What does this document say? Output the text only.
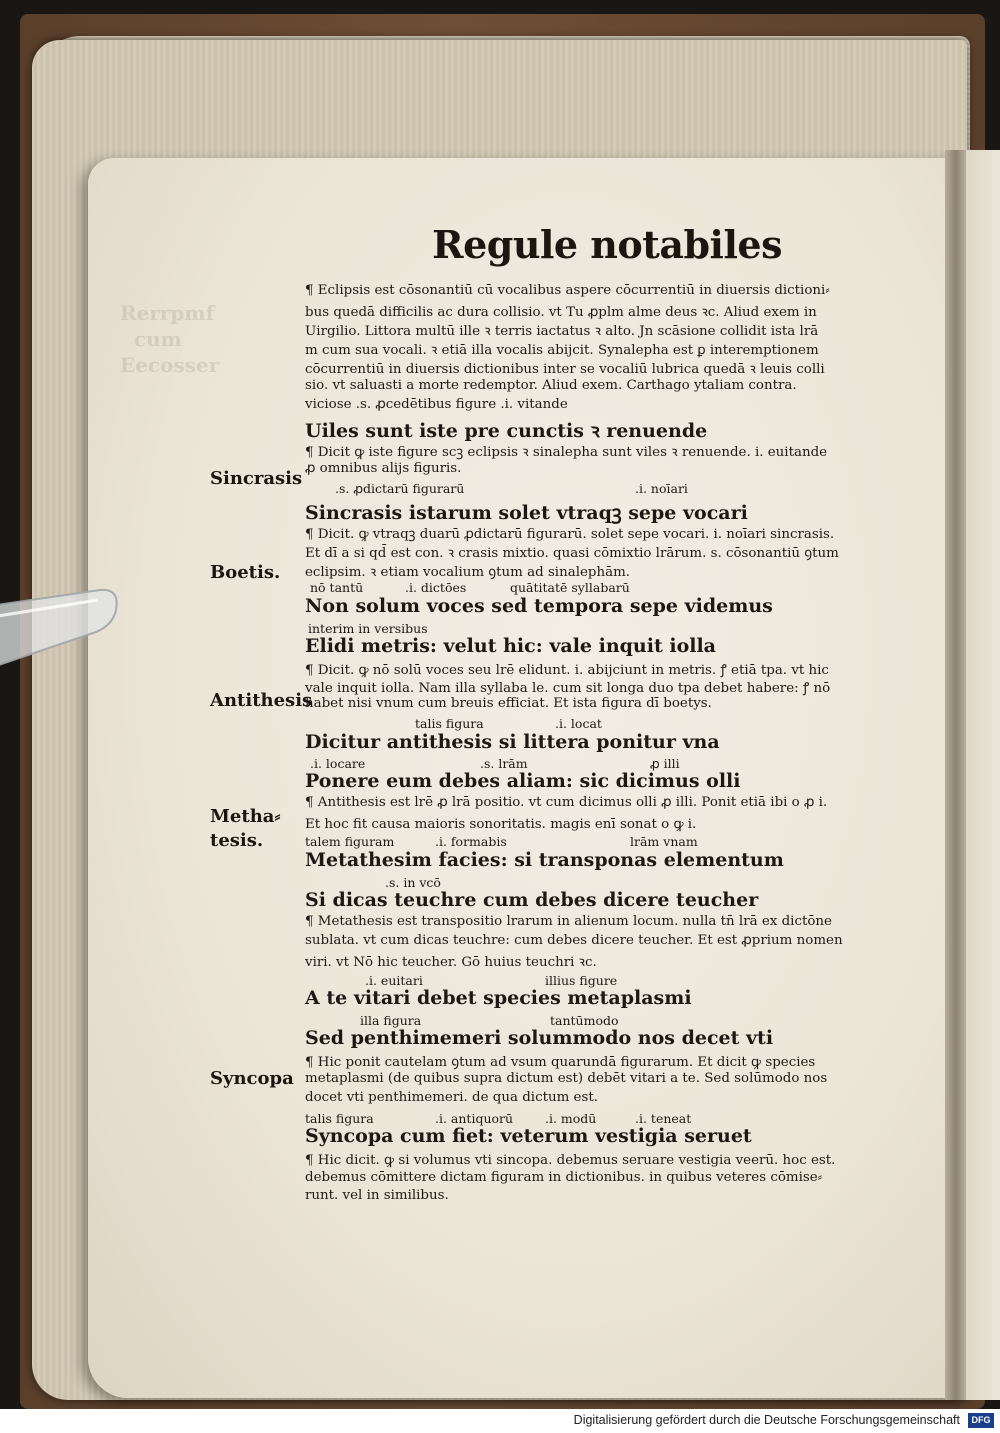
Rerrpmf
cum
Eecosser
Regule notabiles
¶ Eclipsis est cōsonantiū cū vocalibus aspere cōcurrentiū in diuersis dictioni⸗
bus quedā difficilis ac dura collisio. vt Tu ꝓplm alme deus ꝛc. Aliud exem in
Uirgilio. Littora multū ille ꝛ terris iactatus ꝛ alto. Jn scāsione collidit ista lrā
m cum sua vocali. ꝛ etiā illa vocalis abijcit. Synalepha est ꝑ interemptionem
cōcurrentiū in diuersis dictionibus inter se vocaliū lubrica quedā ꝛ leuis colli
sio. vt saluasti a morte redemptor. Aliud exem. Carthago ytaliam contra.
viciose .s. ꝓcedētibus figure .i. vitande
Uiles sunt iste pre cunctis ꝛ renuende
¶ Dicit ꝙ iste figure scꝫ eclipsis ꝛ sinalepha sunt viles ꝛ renuende. i. euitande
ꝓ omnibus alijs figuris.
.s. ꝓdictarū figurarū	.i. noīari
Sincrasis istarum solet vtraqꝫ sepe vocari
¶ Dicit. ꝙ vtraqꝫ duarū ꝓdictarū figurarū. solet sepe vocari. i. noīari sincrasis.
Et dī a si qd̄ est con. ꝛ crasis mixtio. quasi cōmixtio lrārum. s. cōsonantiū ꝯtum
eclipsim. ꝛ etiam vocalium ꝯtum ad sinalephām.
nō tantū	.i. dictōes	quātitatē syllabarū
Non solum voces sed tempora sepe videmus
interim in versibus
Elidi metris: velut hic: vale inquit iolla
¶ Dicit. ꝙ nō solū voces seu lrē elidunt. i. abijciunt in metris. ꝭ etiā tpa. vt hic
vale inquit iolla. Nam illa syllaba le. cum sit longa duo tpa debet habere: ꝭ nō
habet nisi vnum cum breuis efficiat. Et ista figura dī boetys.
talis figura	.i. locat
Dicitur antithesis si littera ponitur vna
.i. locare	.s. lrām	ꝓ illi
Ponere eum debes aliam: sic dicimus olli
¶ Antithesis est lrē ꝓ lrā positio. vt cum dicimus olli ꝓ illi. Ponit etiā ibi o ꝓ i.
Et hoc fit causa maioris sonoritatis. magis enī sonat o ꝙ i.
talem figuram	.i. formabis	lrām vnam
Metathesim facies: si transponas elementum
.s. in vcō
Si dicas teuchre cum debes dicere teucher
¶ Metathesis est transpositio lrarum in alienum locum. nulla tn̄ lrā ex dictōne
sublata. vt cum dicas teuchre: cum debes dicere teucher. Et est ꝓprium nomen
viri. vt Nō hic teucher. Gō huius teuchri ꝛc.
.i. euitari	illius figure
A te vitari debet species metaplasmi
illa figura	tantūmodo
Sed penthimemeri solummodo nos decet vti
¶ Hic ponit cautelam ꝯtum ad vsum quarundā figurarum. Et dicit ꝙ species
metaplasmi (de quibus supra dictum est) debēt vitari a te. Sed solūmodo nos
docet vti penthimemeri. de qua dictum est.
talis figura	.i. antiquorū	.i. modū	.i. teneat
Syncopa cum fiet: veterum vestigia seruet
¶ Hic dicit. ꝙ si volumus vti sincopa. debemus seruare vestigia veerū. hoc est.
debemus cōmittere dictam figuram in dictionibus. in quibus veteres cōmise⸗
runt. vel in similibus.
Sincrasis
Boetis.
Antithesis
Metha⸗
tesis.
Syncopa
Digitalisierung gefördert durch die Deutsche Forschungsgemeinschaft	DFG
